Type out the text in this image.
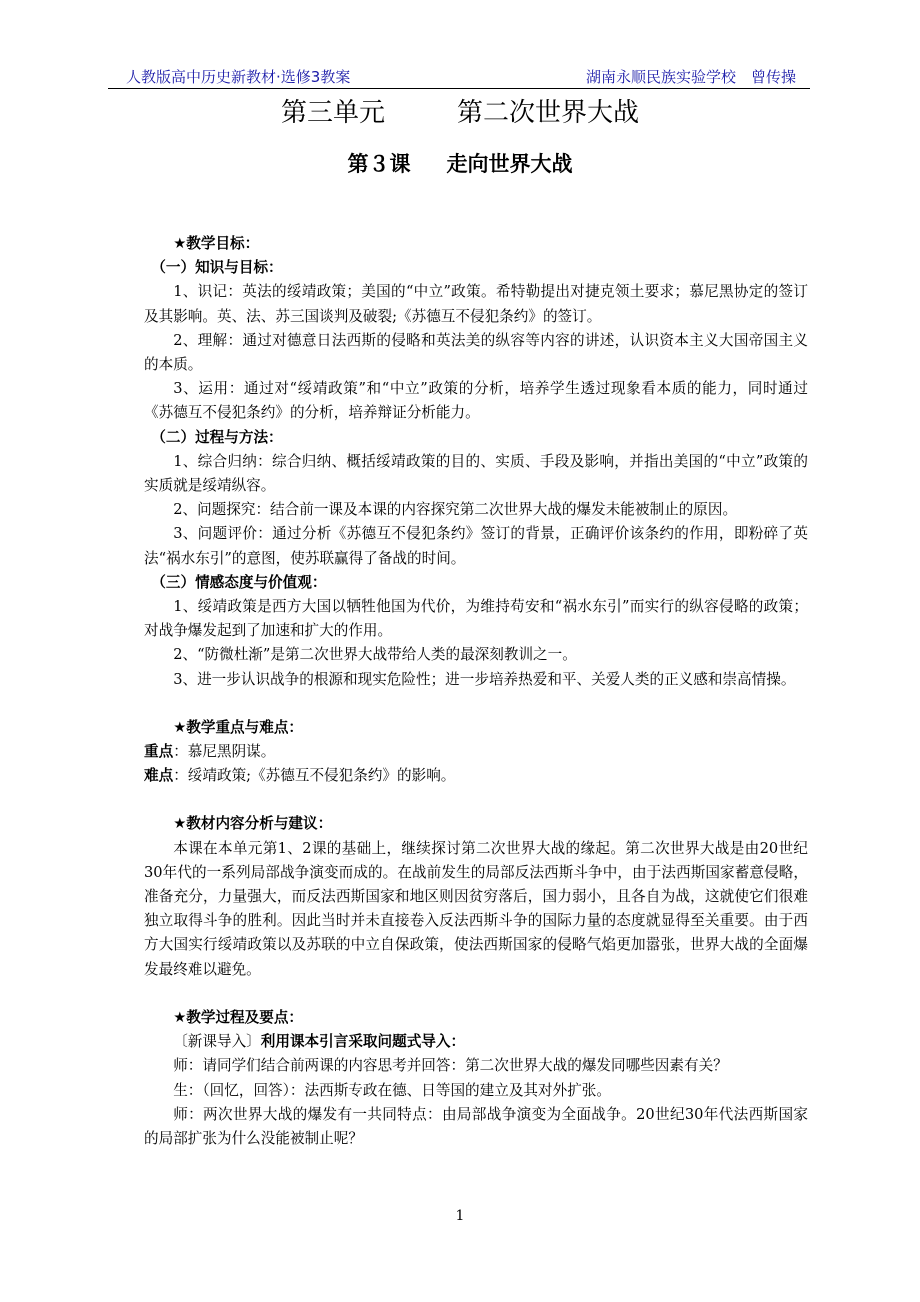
人教版高中历史新教材·选修3教案	湖南永顺民族实验学校　曾传操
第三单元	第二次世界大战
第３课 走向世界大战

★教学目标：

（一）知识与目标：

1、识记：英法的绥靖政策；美国的“中立”政策。希特勒提出对捷克领土要求；慕尼黑协定的签订及其影响。英、法、苏三国谈判及破裂;《苏德互不侵犯条约》的签订。

2、理解：通过对德意日法西斯的侵略和英法美的纵容等内容的讲述，认识资本主义大国帝国主义的本质。

3、运用：通过对“绥靖政策”和“中立”政策的分析，培养学生透过现象看本质的能力，同时通过《苏德互不侵犯条约》的分析，培养辩证分析能力。

（二）过程与方法：

1、综合归纳：综合归纳、概括绥靖政策的目的、实质、手段及影响，并指出美国的“中立”政策的实质就是绥靖纵容。

2、问题探究：结合前一课及本课的内容探究第二次世界大战的爆发未能被制止的原因。

3、问题评价：通过分析《苏德互不侵犯条约》签订的背景，正确评价该条约的作用，即粉碎了英法“祸水东引”的意图，使苏联赢得了备战的时间。

（三）情感态度与价值观：

1、绥靖政策是西方大国以牺牲他国为代价，为维持苟安和“祸水东引”而实行的纵容侵略的政策；对战争爆发起到了加速和扩大的作用。

2、“防微杜渐”是第二次世界大战带给人类的最深刻教训之一。

3、进一步认识战争的根源和现实危险性；进一步培养热爱和平、关爱人类的正义感和崇高情操。

★教学重点与难点：

重点：慕尼黑阴谋。

难点：绥靖政策;《苏德互不侵犯条约》的影响。

★教材内容分析与建议：

本课在本单元第1、2课的基础上，继续探讨第二次世界大战的缘起。第二次世界大战是由20世纪30年代的一系列局部战争演变而成的。在战前发生的局部反法西斯斗争中，由于法西斯国家蓄意侵略，准备充分，力量强大，而反法西斯国家和地区则因贫穷落后，国力弱小，且各自为战，这就使它们很难独立取得斗争的胜利。因此当时并未直接卷入反法西斯斗争的国际力量的态度就显得至关重要。由于西方大国实行绥靖政策以及苏联的中立自保政策，使法西斯国家的侵略气焰更加嚣张，世界大战的全面爆发最终难以避免。

★教学过程及要点：

〔新课导入〕利用课本引言采取问题式导入：

师：请同学们结合前两课的内容思考并回答：第二次世界大战的爆发同哪些因素有关？

生：（回忆，回答）：法西斯专政在德、日等国的建立及其对外扩张。

师：两次世界大战的爆发有一共同特点：由局部战争演变为全面战争。20世纪30年代法西斯国家的局部扩张为什么没能被制止呢？

1
